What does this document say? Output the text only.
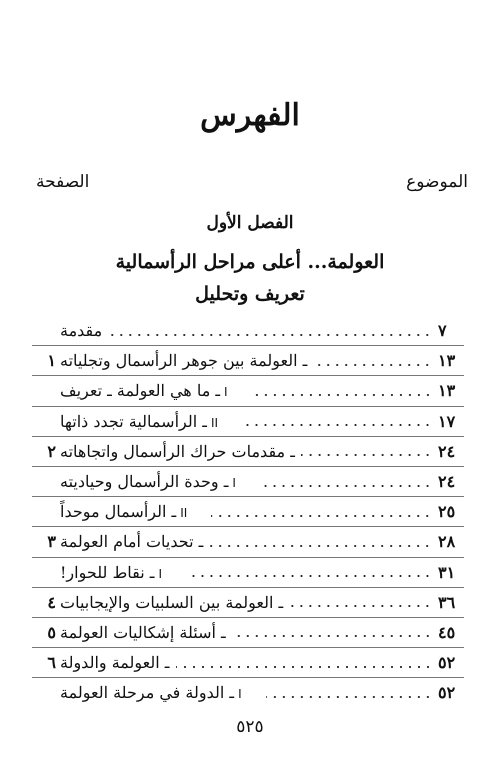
الفهرس
الموضوع
الصفحة
الفصل الأول
العولمة... أعلى مراحل الرأسمالية
تعريف وتحليل
مقدمة	٧
١ ـ العولمة بين جوهر الرأسمال وتجلياته	١٣
Iـ ما هي العولمة ـ تعريف	١٣
IIـ الرأسمالية تجدد ذاتها	١٧
٢ ـ مقدمات حراك الرأسمال واتجاهاته	٢٤
Iـ وحدة الرأسمال وحياديته	٢٤
IIـ الرأسمال موحداً	٢٥
٣ ـ تحديات أمام العولمة	٢٨
Iـ نقاط للحوار!	٣١
٤ ـ العولمة بين السلبيات والإيجابيات	٣٦
٥ ـ أسئلة إشكاليات العولمة	٤٥
٦ ـ العولمة والدولة	٥٢
Iـ الدولة في مرحلة العولمة	٥٢
٥٢٥
